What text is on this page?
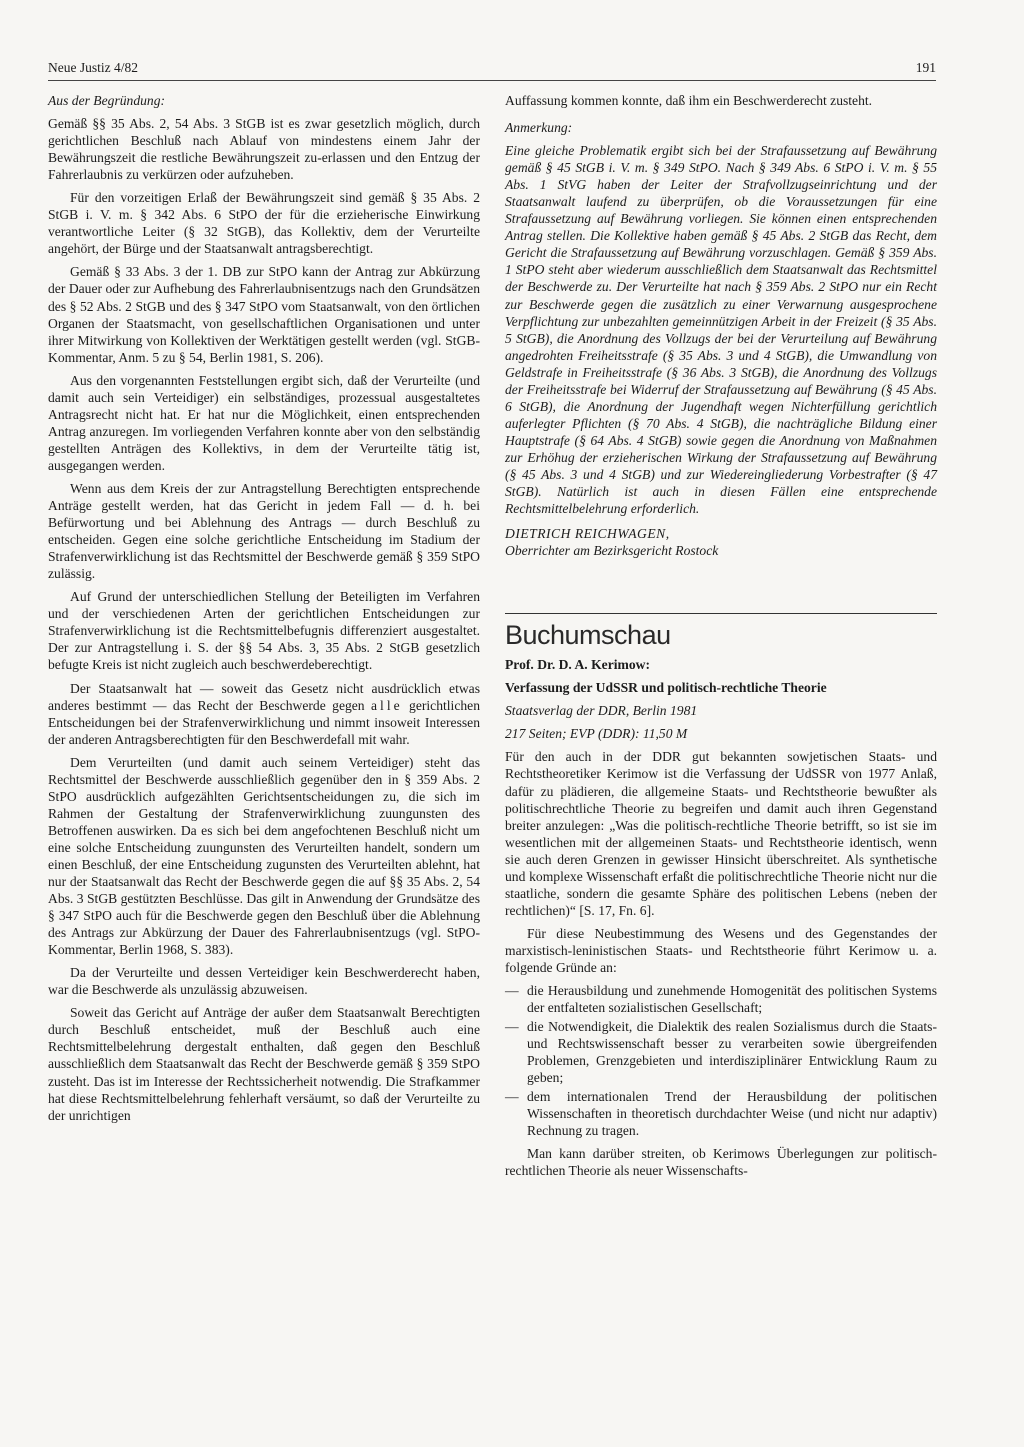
Neue Justiz 4/82	191

Aus der Begründung:

Gemäß §§ 35 Abs. 2, 54 Abs. 3 StGB ist es zwar gesetzlich möglich, durch gerichtlichen Beschluß nach Ablauf von mindestens einem Jahr der Bewährungszeit die restliche Bewährungszeit zu-erlassen und den Entzug der Fahrerlaubnis zu verkürzen oder aufzuheben.

Für den vorzeitigen Erlaß der Bewährungszeit sind gemäß § 35 Abs. 2 StGB i. V. m. § 342 Abs. 6 StPO der für die erzieherische Einwirkung verantwortliche Leiter (§ 32 StGB), das Kollektiv, dem der Verurteilte angehört, der Bürge und der Staatsanwalt antragsberechtigt.

Gemäß § 33 Abs. 3 der 1. DB zur StPO kann der Antrag zur Abkürzung der Dauer oder zur Aufhebung des Fahrerlaubnisentzugs nach den Grundsätzen des § 52 Abs. 2 StGB und des § 347 StPO vom Staatsanwalt, von den örtlichen Organen der Staatsmacht, von gesellschaftlichen Organisationen und unter ihrer Mitwirkung von Kollektiven der Werktätigen gestellt werden (vgl. StGB-Kommentar, Anm. 5 zu § 54, Berlin 1981, S. 206).

Aus den vorgenannten Feststellungen ergibt sich, daß der Verurteilte (und damit auch sein Verteidiger) ein selbständiges, prozessual ausgestaltetes Antragsrecht nicht hat. Er hat nur die Möglichkeit, einen entsprechenden Antrag anzuregen. Im vorliegenden Verfahren konnte aber von den selbständig gestellten Anträgen des Kollektivs, in dem der Verurteilte tätig ist, ausgegangen werden.

Wenn aus dem Kreis der zur Antragstellung Berechtigten entsprechende Anträge gestellt werden, hat das Gericht in jedem Fall — d. h. bei Befürwortung und bei Ablehnung des Antrags — durch Beschluß zu entscheiden. Gegen eine solche gerichtliche Entscheidung im Stadium der Strafenverwirklichung ist das Rechtsmittel der Beschwerde gemäß § 359 StPO zulässig.

Auf Grund der unterschiedlichen Stellung der Beteiligten im Verfahren und der verschiedenen Arten der gerichtlichen Entscheidungen zur Strafenverwirklichung ist die Rechtsmittelbefugnis differenziert ausgestaltet. Der zur Antragstellung i. S. der §§ 54 Abs. 3, 35 Abs. 2 StGB gesetzlich befugte Kreis ist nicht zugleich auch beschwerdeberechtigt.

Der Staatsanwalt hat — soweit das Gesetz nicht ausdrücklich etwas anderes bestimmt — das Recht der Beschwerde gegen alle gerichtlichen Entscheidungen bei der Strafenverwirklichung und nimmt insoweit Interessen der anderen Antragsberechtigten für den Beschwerdefall mit wahr.

Dem Verurteilten (und damit auch seinem Verteidiger) steht das Rechtsmittel der Beschwerde ausschließlich gegenüber den in § 359 Abs. 2 StPO ausdrücklich aufgezählten Gerichtsentscheidungen zu, die sich im Rahmen der Gestaltung der Strafenverwirklichung zuungunsten des Betroffenen auswirken. Da es sich bei dem angefochtenen Beschluß nicht um eine solche Entscheidung zuungunsten des Verurteilten handelt, sondern um einen Beschluß, der eine Entscheidung zugunsten des Verurteilten ablehnt, hat nur der Staatsanwalt das Recht der Beschwerde gegen die auf §§ 35 Abs. 2, 54 Abs. 3 StGB gestützten Beschlüsse. Das gilt in Anwendung der Grundsätze des § 347 StPO auch für die Beschwerde gegen den Beschluß über die Ablehnung des Antrags zur Abkürzung der Dauer des Fahrerlaubnisentzugs (vgl. StPO-Kommentar, Berlin 1968, S. 383).

Da der Verurteilte und dessen Verteidiger kein Beschwerderecht haben, war die Beschwerde als unzulässig abzuweisen.

Soweit das Gericht auf Anträge der außer dem Staatsanwalt Berechtigten durch Beschluß entscheidet, muß der Beschluß auch eine Rechtsmittelbelehrung dergestalt enthalten, daß gegen den Beschluß ausschließlich dem Staatsanwalt das Recht der Beschwerde gemäß § 359 StPO zusteht. Das ist im Interesse der Rechtssicherheit notwendig. Die Strafkammer hat diese Rechtsmittelbelehrung fehlerhaft versäumt, so daß der Verurteilte zu der unrichtigen

Auffassung kommen konnte, daß ihm ein Beschwerderecht zusteht.

Anmerkung:

Eine gleiche Problematik ergibt sich bei der Strafaussetzung auf Bewährung gemäß § 45 StGB i. V. m. § 349 StPO. Nach § 349 Abs. 6 StPO i. V. m. § 55 Abs. 1 StVG haben der Leiter der Strafvollzugseinrichtung und der Staatsanwalt laufend zu überprüfen, ob die Voraussetzungen für eine Strafaussetzung auf Bewährung vorliegen. Sie können einen entsprechenden Antrag stellen. Die Kollektive haben gemäß § 45 Abs. 2 StGB das Recht, dem Gericht die Strafaussetzung auf Bewährung vorzuschlagen. Gemäß § 359 Abs. 1 StPO steht aber wiederum ausschließlich dem Staatsanwalt das Rechtsmittel der Beschwerde zu. Der Verurteilte hat nach § 359 Abs. 2 StPO nur ein Recht zur Beschwerde gegen die zusätzlich zu einer Verwarnung ausgesprochene Verpflichtung zur unbezahlten gemeinnützigen Arbeit in der Freizeit (§ 35 Abs. 5 StGB), die Anordnung des Vollzugs der bei der Verurteilung auf Bewährung angedrohten Freiheitsstrafe (§ 35 Abs. 3 und 4 StGB), die Umwandlung von Geldstrafe in Freiheitsstrafe (§ 36 Abs. 3 StGB), die Anordnung des Vollzugs der Freiheitsstrafe bei Widerruf der Strafaussetzung auf Bewährung (§ 45 Abs. 6 StGB), die Anordnung der Jugendhaft wegen Nichterfüllung gerichtlich auferlegter Pflichten (§ 70 Abs. 4 StGB), die nachträgliche Bildung einer Hauptstrafe (§ 64 Abs. 4 StGB) sowie gegen die Anordnung von Maßnahmen zur Erhöhug der erzieherischen Wirkung der Strafaussetzung auf Bewährung (§ 45 Abs. 3 und 4 StGB) und zur Wiedereingliederung Vorbestrafter (§ 47 StGB). Natürlich ist auch in diesen Fällen eine entsprechende Rechtsmittelbelehrung erforderlich.

DIETRICH REICHWAGEN,

Oberrichter am Bezirksgericht Rostock

Buchumschau

Prof. Dr. D. A. Kerimow:

Verfassung der UdSSR und politisch-rechtliche Theorie

Staatsverlag der DDR, Berlin 1981

217 Seiten; EVP (DDR): 11,50 M

Für den auch in der DDR gut bekannten sowjetischen Staats- und Rechtstheoretiker Kerimow ist die Verfassung der UdSSR von 1977 Anlaß, dafür zu plädieren, die allgemeine Staats- und Rechtstheorie bewußter als politischrechtliche Theorie zu begreifen und damit auch ihren Gegenstand breiter anzulegen: „Was die politisch-rechtliche Theorie betrifft, so ist sie im wesentlichen mit der allgemeinen Staats- und Rechtstheorie identisch, wenn sie auch deren Grenzen in gewisser Hinsicht überschreitet. Als synthetische und komplexe Wissenschaft erfaßt die politischrechtliche Theorie nicht nur die staatliche, sondern die gesamte Sphäre des politischen Lebens (neben der rechtlichen)“ [S. 17, Fn. 6].

Für diese Neubestimmung des Wesens und des Gegenstandes der marxistisch-leninistischen Staats- und Rechtstheorie führt Kerimow u. a. folgende Gründe an:

— die Herausbildung und zunehmende Homogenität des politischen Systems der entfalteten sozialistischen Gesellschaft;
— die Notwendigkeit, die Dialektik des realen Sozialismus durch die Staats- und Rechtswissenschaft besser zu verarbeiten sowie übergreifenden Problemen, Grenzgebieten und interdisziplinärer Entwicklung Raum zu geben;
— dem internationalen Trend der Herausbildung der politischen Wissenschaften in theoretisch durchdachter Weise (und nicht nur adaptiv) Rechnung zu tragen.

Man kann darüber streiten, ob Kerimows Überlegungen zur politisch-rechtlichen Theorie als neuer Wissenschafts-
